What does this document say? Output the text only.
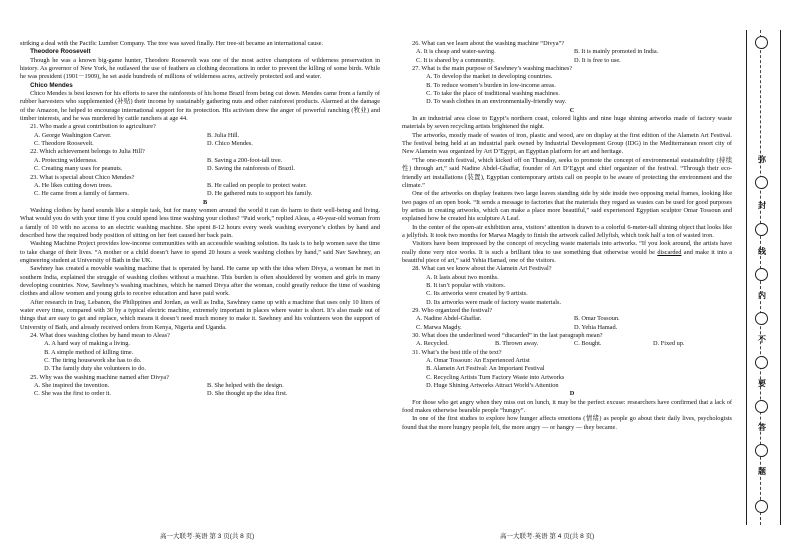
striking a deal with the Pacific Lumber Company. The tree was saved finally. Her tree-sit became an international cause.

Theodore Roosevelt

Though he was a known big-game hunter, Theodore Roosevelt was one of the most active champions of wilderness preservation in history. As governor of New York, he outlawed the use of feathers as clothing decorations in order to prevent the killing of some birds. While he was president (1901－1909), he set aside hundreds of millions of wilderness acres, actively protected soil and water.

Chico Mendes

Chico Mendes is best known for his efforts to save the rainforests of his home Brazil from being cut down. Mendes came from a family of rubber harvesters who supplemented (补贴) their income by sustainably gathering nuts and other rainforest products. Alarmed at the damage of the Amazon, he helped to encourage international support for its protection. His activism drew the anger of powerful ranching (牧业) and timber interests, and he was murdered by cattle ranchers at age 44.

21. Who made a great contribution to agriculture?

A. George Washington Carver.	B. Julia Hill.
C. Theodore Roosevelt.	D. Chico Mendes.

22. Which achievement belongs to Julia Hill?

A. Protecting wilderness.	B. Saving a 200-foot-tall tree.
C. Creating many uses for peanuts.	D. Saving the rainforests of Brazil.

23. What is special about Chico Mendes?

A. He likes cutting down trees.	B. He called on people to protect water.
C. He came from a family of farmers.	D. He gathered nuts to support his family.

B

Washing clothes by hand sounds like a simple task, but for many women around the world it can do harm to their well-being and living. What would you do with your time if you could spend less time washing your clothes? “Paid work,” replied Aleas, a 49-year-old woman from a family of 10 with no access to an electric washing machine. She spent 8-12 hours every week washing everyone’s clothes by hand and described how the required body position of sitting on her feet caused her back pain.

Washing Machine Project provides low-income communities with an accessible washing solution. Its task is to help women save the time to take charge of their lives. “A mother or a child doesn’t have to spend 20 hours a week washing clothes by hand,” said Nav Sawhney, an engineering student at University of Bath in the UK.

Sawhney has created a movable washing machine that is operated by hand. He came up with the idea when Divya, a woman he met in southern India, explained the struggle of washing clothes without a machine. This burden is often shouldered by women and girls in many developing countries. Now, Sawhney’s washing machines, which he named Divya after the woman, could greatly reduce the time of washing clothes and allow women and young girls to receive education and have paid work.

After research in Iraq, Lebanon, the Philippines and Jordan, as well as India, Sawhney came up with a machine that uses only 10 liters of water every time, compared with 30 by a typical electric machine, extremely important in places where water is short. It’s also made out of things that are easy to get and replace, which means it doesn’t need much money to make it. Sawhney and his volunteers won the support of University of Bath, and already received orders from Kenya, Nigeria and Uganda.

24. What does washing clothes by hand mean to Aleas?

A. A hard way of making a living.

B. A simple method of killing time.

C. The tiring housework she has to do.

D. The family duty she volunteers to do.

25. Why was the washing machine named after Divya?

A. She inspired the invention.	B. She helped with the design.
C. She was the first to order it.	D. She thought up the idea first.

26. What can we learn about the washing machine “Divya”?

A. It is cheap and water-saving.	B. It is mainly promoted in India.
C. It is shared by a community.	D. It is free to use.

27. What is the main purpose of Sawhney’s washing machines?

A. To develop the market in developing countries.

B. To reduce women’s burden in low-income areas.

C. To take the place of traditional washing machines.

D. To wash clothes in an environmentally-friendly way.

C

In an industrial area close to Egypt’s northern coast, colored lights and nine huge shining artworks made of factory waste materials by seven recycling artists brightened the night.

The artworks, mostly made of wastes of iron, plastic and wood, are on display at the first edition of the Alamein Art Festival. The festival being held at an industrial park owned by Industrial Development Group (IDG) in the Mediterranean resort city of New Alamein was organized by Art D’Egypt, an Egyptian platform for art and heritage.

“The one-month festival, which kicked off on Thursday, seeks to promote the concept of environmental sustainability (持续性) through art,” said Nadine Abdel-Ghaffar, founder of Art D’Egypt and chief organizer of the festival. “Through their eco-friendly art installations (装置), Egyptian contemporary artists call on people to be aware of protecting the environment and the climate.”

One of the artworks on display features two large leaves standing side by side inside two opposing metal frames, looking like two pages of an open book. “It sends a message to factories that the materials they regard as wastes can be used for good purposes by artists in creating artworks, which can make a place more beautiful,” said experienced Egyptian sculptor Omar Tossoun and explained how he created his sculpture A Leaf.

In the center of the open-air exhibition area, visitors’ attention is drawn to a colorful 6-meter-tall shining object that looks like a jellyfish. It took two months for Marwa Magdy to finish the artwork called Jellyfish, which took half a ton of wasted iron.

Visitors have been impressed by the concept of recycling waste materials into artworks. “If you look around, the artists have really done very nice works. It is such a brilliant idea to use something that otherwise would be discarded and make it into a beautiful piece of art,” said Yehia Hamad, one of the visitors.

28. What can we know about the Alamein Art Festival?

A. It lasts about two months.

B. It isn’t popular with visitors.

C. Its artworks were created by 9 artists.

D. Its artworks were made of factory waste materials.

29. Who organized the festival?

A. Nadine Abdel-Ghaffar.	B. Omar Tossoun.
C. Marwa Magdy.	D. Yehia Hamad.

30. What does the underlined word “discarded” in the last paragraph mean?

A. Recycled.	B. Thrown away.	C. Bought.	D. Fixed up.

31. What’s the best title of the text?

A. Omar Tossoun: An Experienced Artist

B. Alamein Art Festival: An Important Festival

C. Recycling Artists Turn Factory Waste into Artworks

D. Huge Shining Artworks Attract World’s Attention

D

For those who get angry when they miss out on lunch, it may be the perfect excuse: researchers have confirmed that a lack of food makes otherwise bearable people “hungry”.

In one of the first studies to explore how hunger affects emotions (情绪) as people go about their daily lives, psychologists found that the more hungry people felt, the more angry — or hangry — they became.

高一大联考·英语 第 3 页(共 8 页)	高一大联考·英语 第 4 页(共 8 页)
弥
封
线
内
不
要
答
题
